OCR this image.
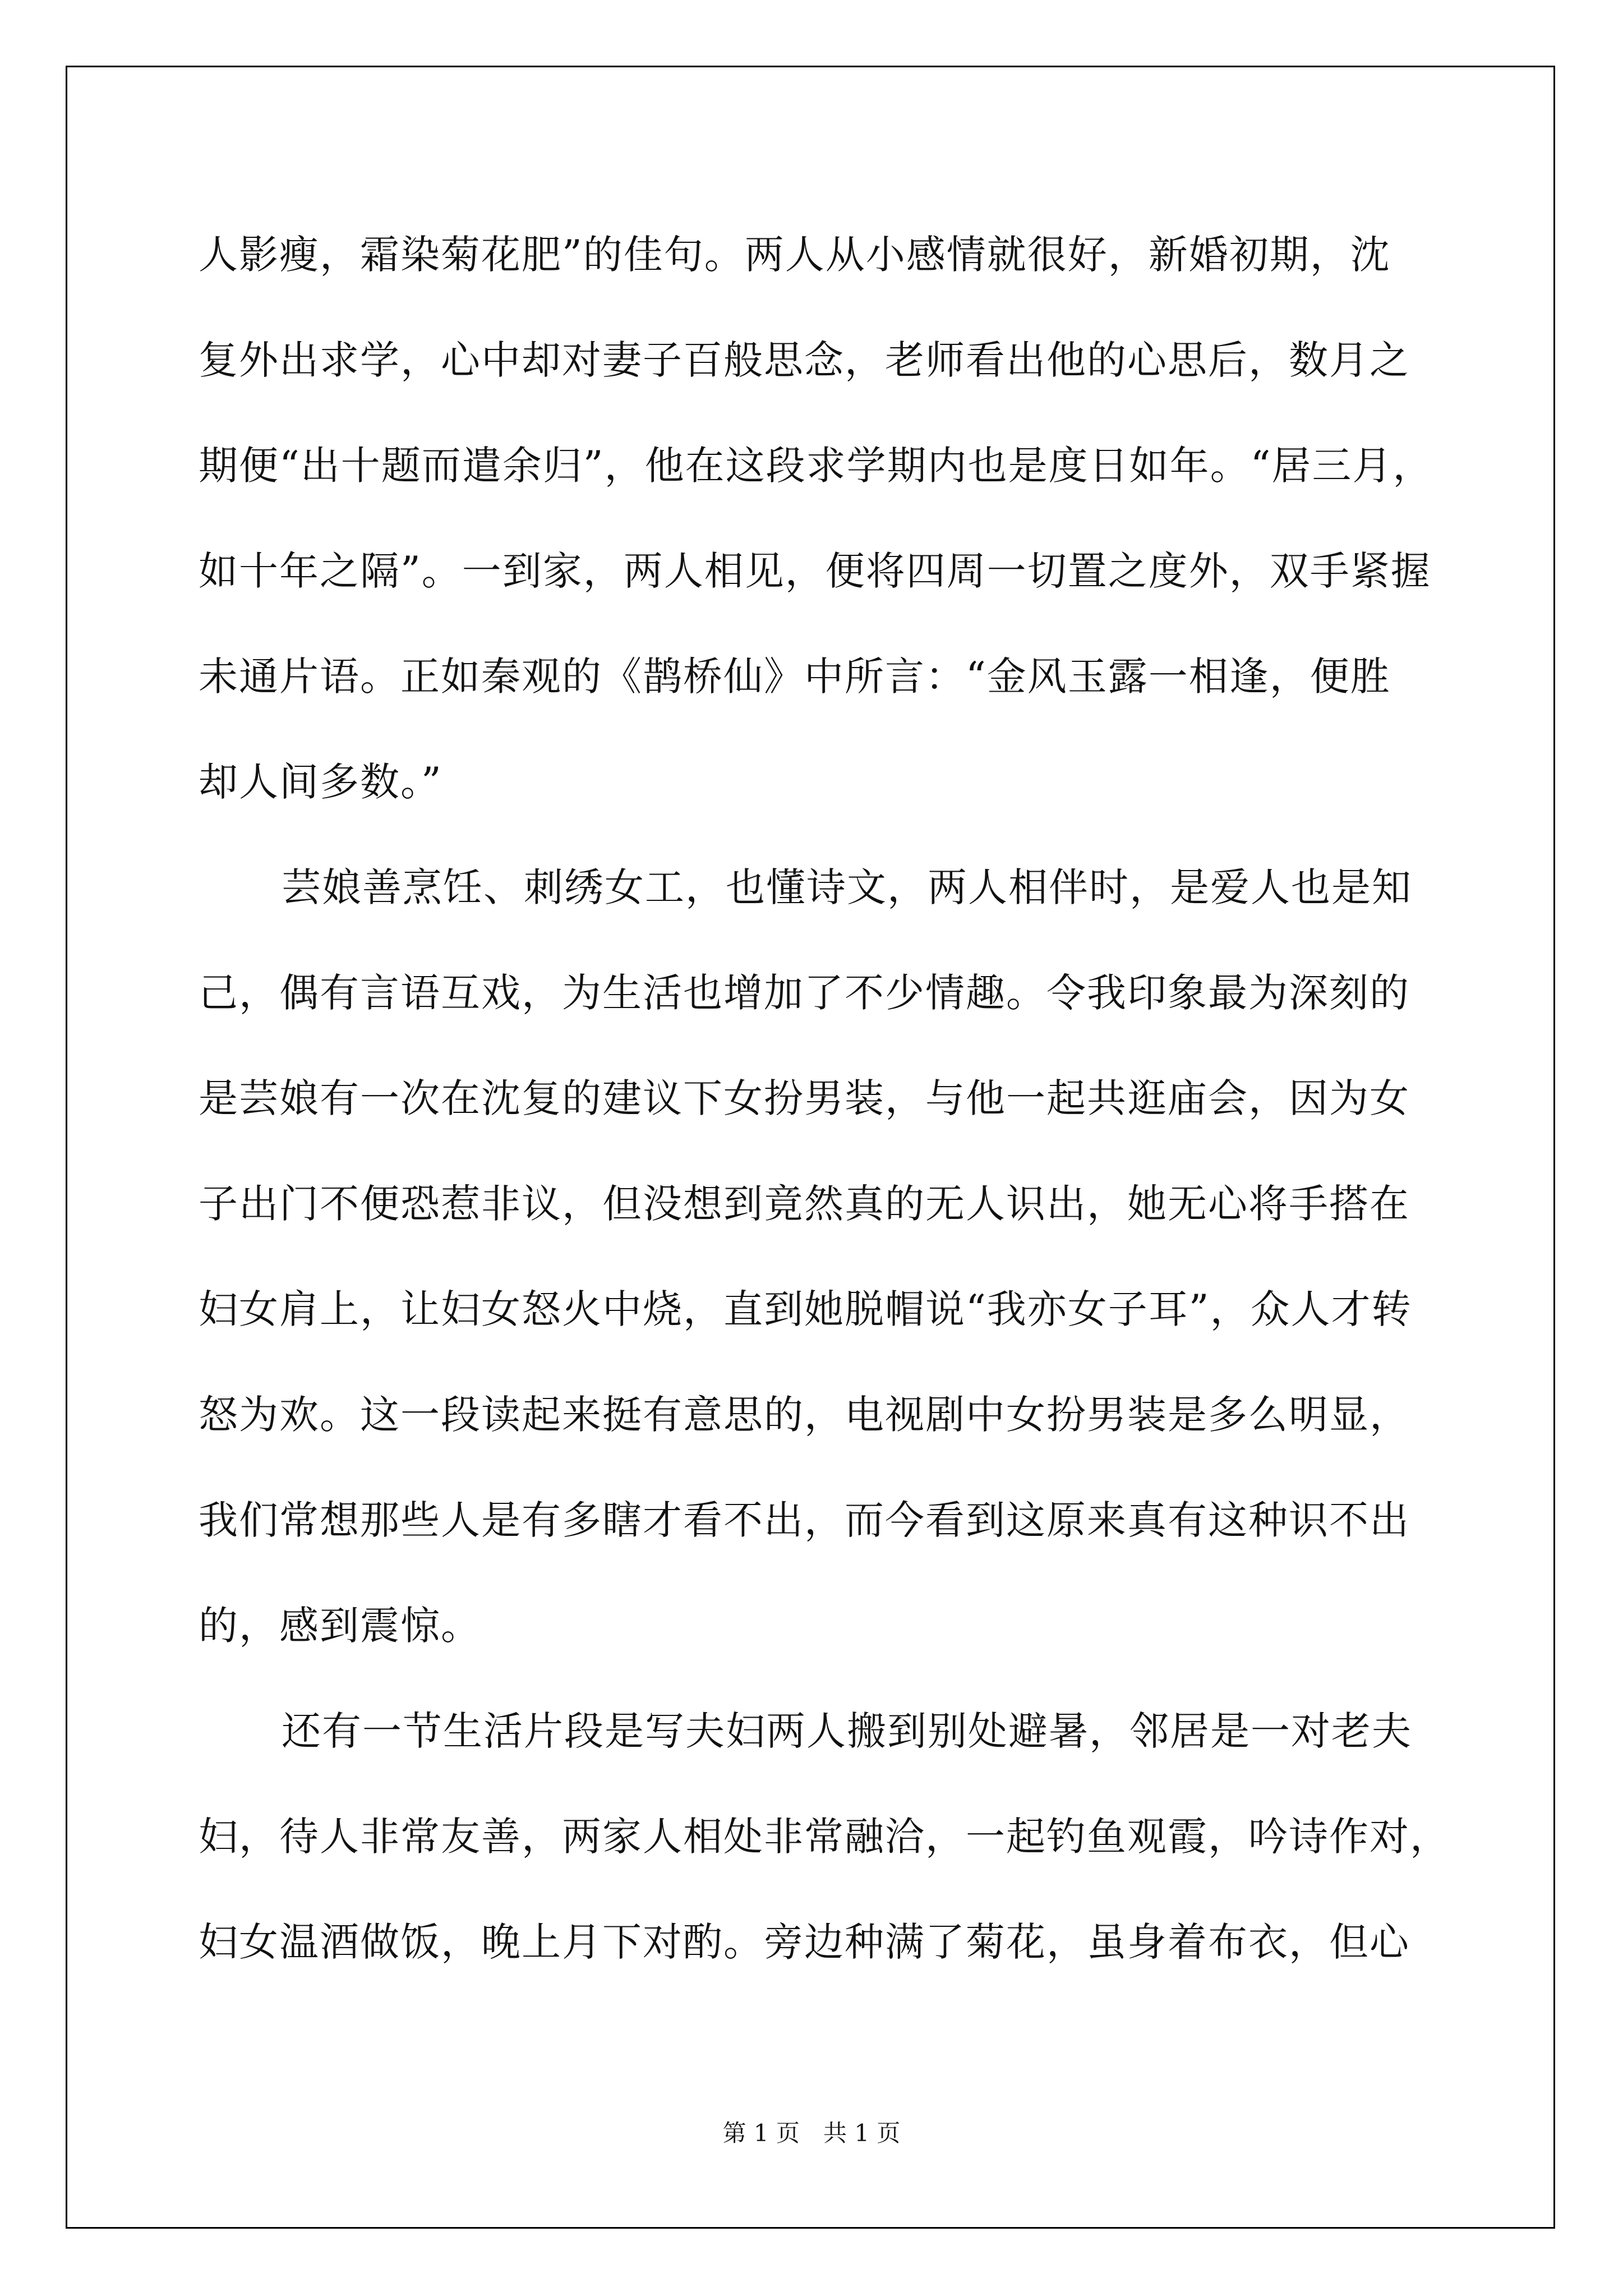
人影瘦，霜染菊花肥”的佳句。两人从小感情就很好，新婚初期，沈
复外出求学，心中却对妻子百般思念，老师看出他的心思后，数月之
期便“出十题而遣余归”，他在这段求学期内也是度日如年。“居三月，
如十年之隔”。一到家，两人相见，便将四周一切置之度外，双手紧握
未通片语。正如秦观的《鹊桥仙》中所言：“金风玉露一相逢，便胜
却人间多数。”
芸娘善烹饪、刺绣女工，也懂诗文，两人相伴时，是爱人也是知
己，偶有言语互戏，为生活也增加了不少情趣。令我印象最为深刻的
是芸娘有一次在沈复的建议下女扮男装，与他一起共逛庙会，因为女
子出门不便恐惹非议，但没想到竟然真的无人识出，她无心将手搭在
妇女肩上，让妇女怒火中烧，直到她脱帽说“我亦女子耳”，众人才转
怒为欢。这一段读起来挺有意思的，电视剧中女扮男装是多么明显，
我们常想那些人是有多瞎才看不出，而今看到这原来真有这种识不出
的，感到震惊。
还有一节生活片段是写夫妇两人搬到别处避暑，邻居是一对老夫
妇，待人非常友善，两家人相处非常融洽，一起钓鱼观霞，吟诗作对，
妇女温酒做饭，晚上月下对酌。旁边种满了菊花，虽身着布衣，但心
第 1 页　共 1 页
